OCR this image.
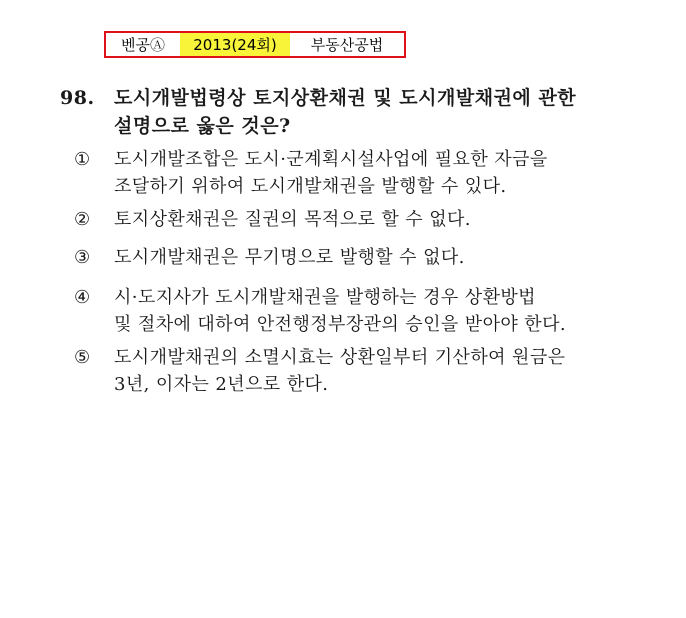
벤공Ⓐ	2013(24회)	부동산공법
98. 도시개발법령상 토지상환채권 및 도시개발채권에 관한
설명으로 옳은 것은?
① 도시개발조합은 도시·군계획시설사업에 필요한 자금을
조달하기 위하여 도시개발채권을 발행할 수 있다.
② 토지상환채권은 질권의 목적으로 할 수 없다.
③ 도시개발채권은 무기명으로 발행할 수 없다.
④ 시·도지사가 도시개발채권을 발행하는 경우 상환방법
및 절차에 대하여 안전행정부장관의 승인을 받아야 한다.
⑤ 도시개발채권의 소멸시효는 상환일부터 기산하여 원금은
3년, 이자는 2년으로 한다.
